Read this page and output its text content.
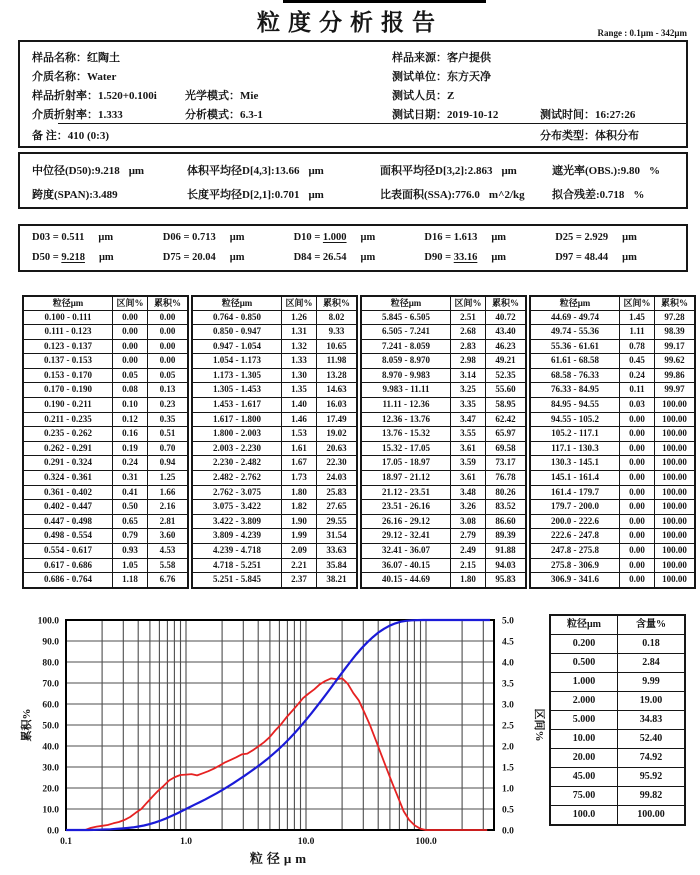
粒度分析报告	Range : 0.1μm - 342μm
样品名称：红陶土	样品来源：客户提供
介质名称：Water	测试单位：东方天净
样品折射率：1.520+0.100i	光学模式：Mie	测试人员：Z
介质折射率：1.333	分析模式：6.3-1	测试日期：2019-10-12	测试时间：16:27:26
备 注：410 (0:3)	分布类型：体积分布
中位径(D50):9.218 μm	体积平均径D[4,3]:13.66 μm	面积平均径D[3,2]:2.863 μm	遮光率(OBS.):9.80 %
跨度(SPAN):3.489	长度平均径D[2,1]:0.701 μm	比表面积(SSA):776.0 m^2/kg 拟合残差:0.718 %
D03 = 0.511 μm	D06 = 0.713 μm	D10 = 1.000 μm	D16 = 1.613 μm	D25 = 2.929 μm
D50 = 9.218 μm	D75 = 20.04 μm	D84 = 26.54 μm	D90 = 33.16 μm	D97 = 48.44 μm
粒径μm	区间%	累积%
0.100 - 0.111	0.00	0.00
0.111 - 0.123	0.00	0.00
0.123 - 0.137	0.00	0.00
0.137 - 0.153	0.00	0.00
0.153 - 0.170	0.05	0.05
0.170 - 0.190	0.08	0.13
0.190 - 0.211	0.10	0.23
0.211 - 0.235	0.12	0.35
0.235 - 0.262	0.16	0.51
0.262 - 0.291	0.19	0.70
0.291 - 0.324	0.24	0.94
0.324 - 0.361	0.31	1.25
0.361 - 0.402	0.41	1.66
0.402 - 0.447	0.50	2.16
0.447 - 0.498	0.65	2.81
0.498 - 0.554	0.79	3.60
0.554 - 0.617	0.93	4.53
0.617 - 0.686	1.05	5.58
0.686 - 0.764	1.18	6.76
粒径μm	区间%	累积%
0.764 - 0.850	1.26	8.02
0.850 - 0.947	1.31	9.33
0.947 - 1.054	1.32	10.65
1.054 - 1.173	1.33	11.98
1.173 - 1.305	1.30	13.28
1.305 - 1.453	1.35	14.63
1.453 - 1.617	1.40	16.03
1.617 - 1.800	1.46	17.49
1.800 - 2.003	1.53	19.02
2.003 - 2.230	1.61	20.63
2.230 - 2.482	1.67	22.30
2.482 - 2.762	1.73	24.03
2.762 - 3.075	1.80	25.83
3.075 - 3.422	1.82	27.65
3.422 - 3.809	1.90	29.55
3.809 - 4.239	1.99	31.54
4.239 - 4.718	2.09	33.63
4.718 - 5.251	2.21	35.84
5.251 - 5.845	2.37	38.21
粒径μm	区间%	累积%
5.845 - 6.505	2.51	40.72
6.505 - 7.241	2.68	43.40
7.241 - 8.059	2.83	46.23
8.059 - 8.970	2.98	49.21
8.970 - 9.983	3.14	52.35
9.983 - 11.11	3.25	55.60
11.11 - 12.36	3.35	58.95
12.36 - 13.76	3.47	62.42
13.76 - 15.32	3.55	65.97
15.32 - 17.05	3.61	69.58
17.05 - 18.97	3.59	73.17
18.97 - 21.12	3.61	76.78
21.12 - 23.51	3.48	80.26
23.51 - 26.16	3.26	83.52
26.16 - 29.12	3.08	86.60
29.12 - 32.41	2.79	89.39
32.41 - 36.07	2.49	91.88
36.07 - 40.15	2.15	94.03
40.15 - 44.69	1.80	95.83
粒径μm	区间%	累积%
44.69 - 49.74	1.45	97.28
49.74 - 55.36	1.11	98.39
55.36 - 61.61	0.78	99.17
61.61 - 68.58	0.45	99.62
68.58 - 76.33	0.24	99.86
76.33 - 84.95	0.11	99.97
84.95 - 94.55	0.03	100.00
94.55 - 105.2	0.00	100.00
105.2 - 117.1	0.00	100.00
117.1 - 130.3	0.00	100.00
130.3 - 145.1	0.00	100.00
145.1 - 161.4	0.00	100.00
161.4 - 179.7	0.00	100.00
179.7 - 200.0	0.00	100.00
200.0 - 222.6	0.00	100.00
222.6 - 247.8	0.00	100.00
247.8 - 275.8	0.00	100.00
275.8 - 306.9	0.00	100.00
306.9 - 341.6	0.00	100.00
0.0
10.0
20.0
30.0
40.0
50.0
60.0
70.0
80.0
90.0
100.0
0.0
0.5
1.0
1.5
2.0
2.5
3.0
3.5
4.0
4.5
5.0
0.1	1.0	10.0	100.0
累积%	区间%
粒径μm
粒径μm	含量%
0.200	0.18
0.500	2.84
1.000	9.99
2.000	19.00
5.000	34.83
10.00	52.40
20.00	74.92
45.00	95.92
75.00	99.82
100.0	100.00
